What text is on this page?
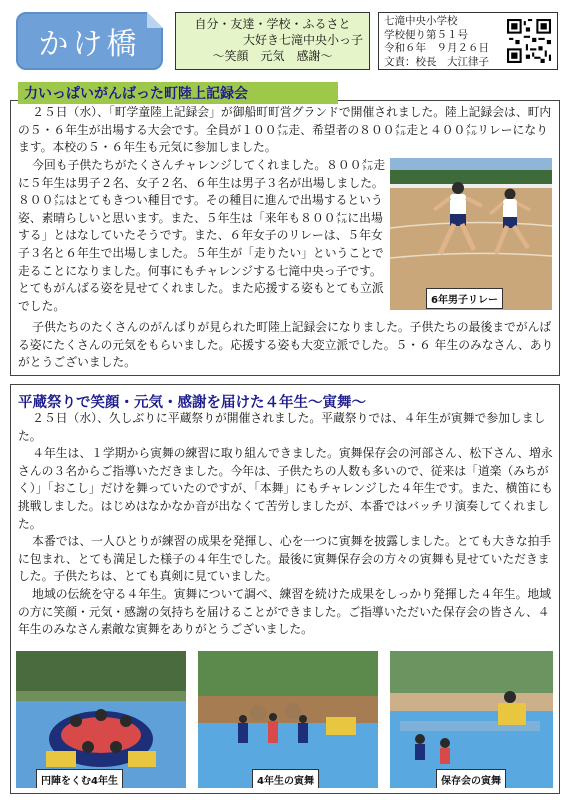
かけ橋
自分・友達・学校・ふるさと
大好き七滝中央小っ子
〜笑顔　元気　感謝〜
七滝中央小学校
学校便り第５１号
令和６年　９月２６日
文責：校長　大江律子
力いっぱいがんばった町陸上記録会
２５日（水）、「町学童陸上記録会」が御船町町営グランドで開催されました。陸上記録会は、町内の５・６年生が出場する大会です。全員が１００㍍走、希望者の８００㍍走と４００㍍リレーになります。本校の５・６年生も元気に参加しました。
今回も子供たちがたくさんチャレンジしてくれました。８００㍍走に５年生は男子２名、女子２名、６年生は男子３名が出場しました。８００㍍はとてもきつい種目です。その種目に進んで出場するという姿、素晴らしいと思います。また、５年生は「来年も８００㍍に出場する」とはなしていたそうです。また、６年女子のリレーは、５年女子３名と６年生で出場しました。５年生が「走りたい」ということで走ることになりました。何事にもチャレンジする七滝中央っ子です。とてもがんばる姿を見せてくれました。また応援する姿もとても立派でした。	6年男子リレー
子供たちのたくさんのがんばりが見られた町陸上記録会になりました。子供たちの最後までがんばる姿にたくさんの元気をもらいました。応援する姿も大変立派でした。５・６ 年生のみなさん、ありがとうございました。
平蔵祭りで笑顔・元気・感謝を届けた４年生〜寅舞〜

２５日（水）、久しぶりに平蔵祭りが開催されました。平蔵祭りでは、４年生が寅舞で参加しました。

４年生は、１学期から寅舞の練習に取り組んできました。寅舞保存会の河部さん、松下さん、増永さんの３名からご指導いただきました。今年は、子供たちの人数も多いので、従来は「道楽（みちがく）」「おこし」だけを舞っていたのですが、「本舞」にもチャレンジした４年生です。また、横笛にも挑戦しました。はじめはなかなか音が出なくて苦労しましたが、本番ではバッチリ演奏してくれました。

本番では、一人ひとりが練習の成果を発揮し、心を一つに寅舞を披露しました。とても大きな拍手に包まれ、とても満足した様子の４年生でした。最後に寅舞保存会の方々の寅舞も見せていただきました。子供たちは、とても真剣に見ていました。

地域の伝統を守る４年生。寅舞について調べ、練習を続けた成果をしっかり発揮した４年生。地域の方に笑顔・元気・感謝の気持ちを届けることができました。ご指導いただいた保存会の皆さん、４年生のみなさん素敵な寅舞をありがとうございました。

円陣をくむ4年生	4年生の寅舞	保存会の寅舞
